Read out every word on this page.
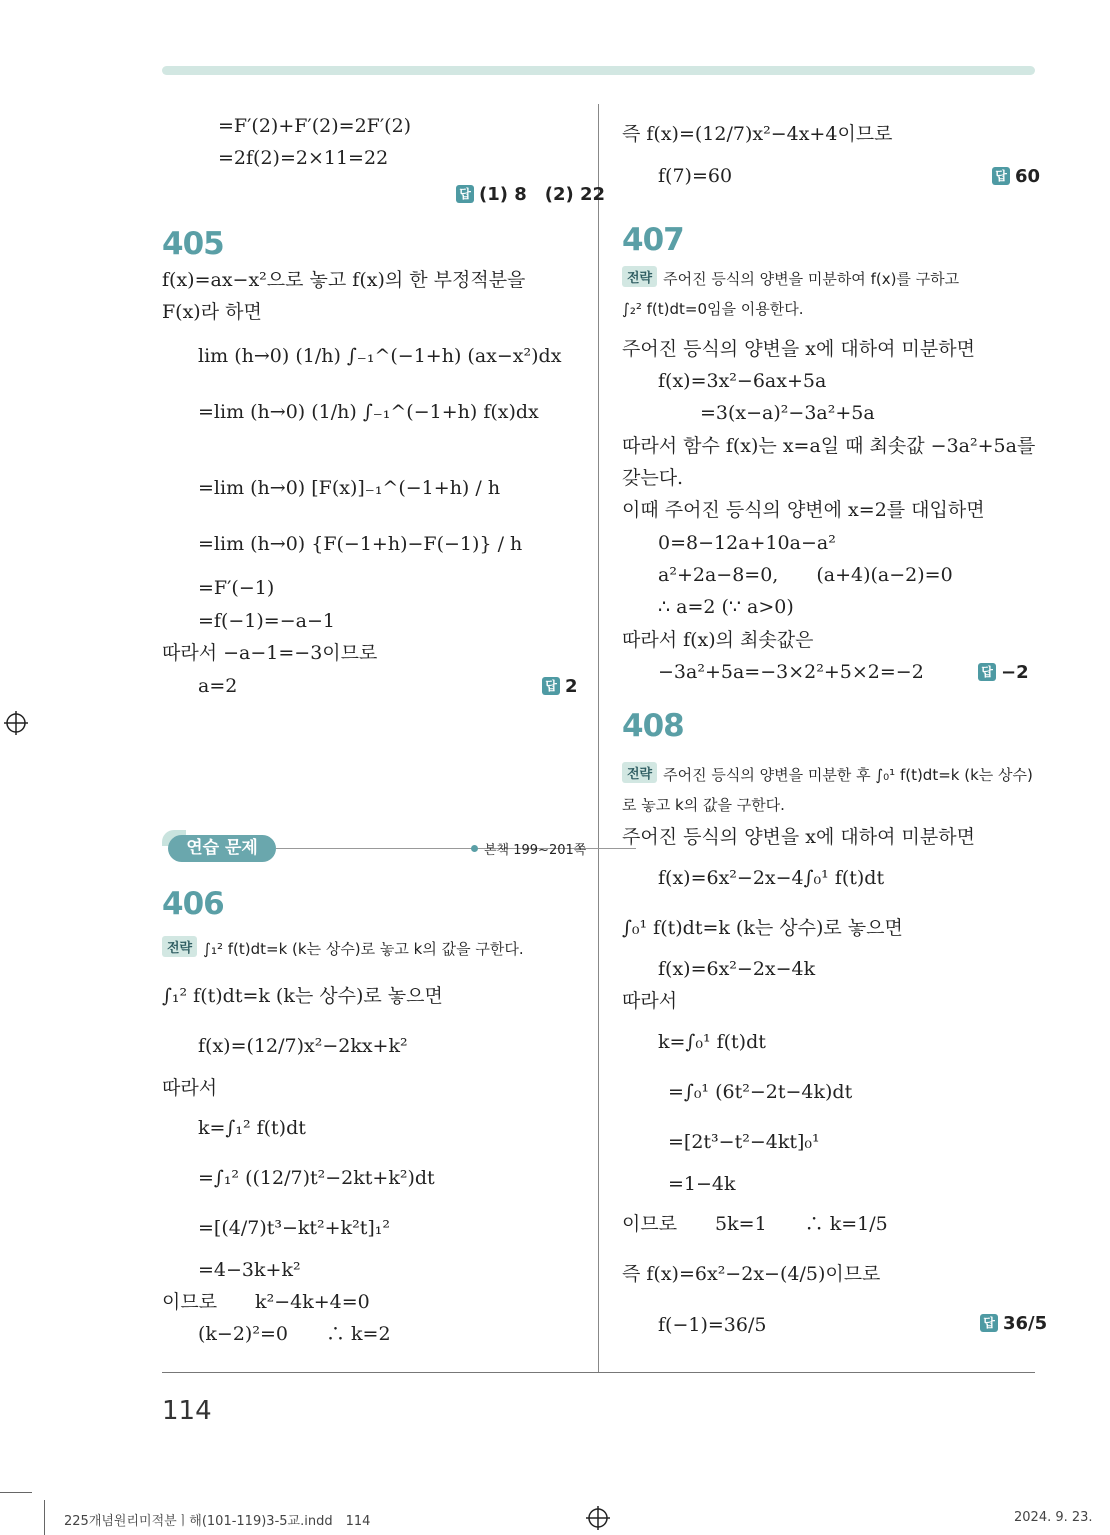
=F′(2)+F′(2)=2F′(2)
=2f(2)=2×11=22
답 (1) 8　(2) 22
405
f(x)=ax−x²으로 놓고 f(x)의 한 부정적분을
F(x)라 하면
lim (h→0) (1/h) ∫₋₁^(−1+h) (ax−x²)dx
=lim (h→0) (1/h) ∫₋₁^(−1+h) f(x)dx
=lim (h→0) [F(x)]₋₁^(−1+h) / h
=lim (h→0) {F(−1+h)−F(−1)} / h
=F′(−1)
=f(−1)=−a−1
따라서 −a−1=−3이므로
a=2	답 2
연습 문제	본책 199~201쪽
406
전략 ∫₁² f(t)dt=k (k는 상수)로 놓고 k의 값을 구한다.
∫₁² f(t)dt=k (k는 상수)로 놓으면
f(x)=(12/7)x²−2kx+k²
따라서
k=∫₁² f(t)dt
=∫₁² ((12/7)t²−2kt+k²)dt
=[(4/7)t³−kt²+k²t]₁²
=4−3k+k²
이므로　　k²−4k+4=0
(k−2)²=0　　∴ k=2
즉 f(x)=(12/7)x²−4x+4이므로
f(7)=60	답 60
407
전략 주어진 등식의 양변을 미분하여 f(x)를 구하고
∫₂² f(t)dt=0임을 이용한다.
주어진 등식의 양변을 x에 대하여 미분하면
f(x)=3x²−6ax+5a
=3(x−a)²−3a²+5a
따라서 함수 f(x)는 x=a일 때 최솟값 −3a²+5a를
갖는다.
이때 주어진 등식의 양변에 x=2를 대입하면
0=8−12a+10a−a²
a²+2a−8=0,　　(a+4)(a−2)=0
∴ a=2 (∵ a>0)
따라서 f(x)의 최솟값은
−3a²+5a=−3×2²+5×2=−2	답 −2
408
전략 주어진 등식의 양변을 미분한 후 ∫₀¹ f(t)dt=k (k는 상수)
로 놓고 k의 값을 구한다.
주어진 등식의 양변을 x에 대하여 미분하면
f(x)=6x²−2x−4∫₀¹ f(t)dt
∫₀¹ f(t)dt=k (k는 상수)로 놓으면
f(x)=6x²−2x−4k
따라서
k=∫₀¹ f(t)dt
=∫₀¹ (6t²−2t−4k)dt
=[2t³−t²−4kt]₀¹
=1−4k
이므로　　5k=1　　∴ k=1/5
즉 f(x)=6x²−2x−(4/5)이므로
f(−1)=36/5	답 36/5
114
225개념원리미적분ㅣ해(101-119)3-5교.indd　114	2024. 9. 23.
